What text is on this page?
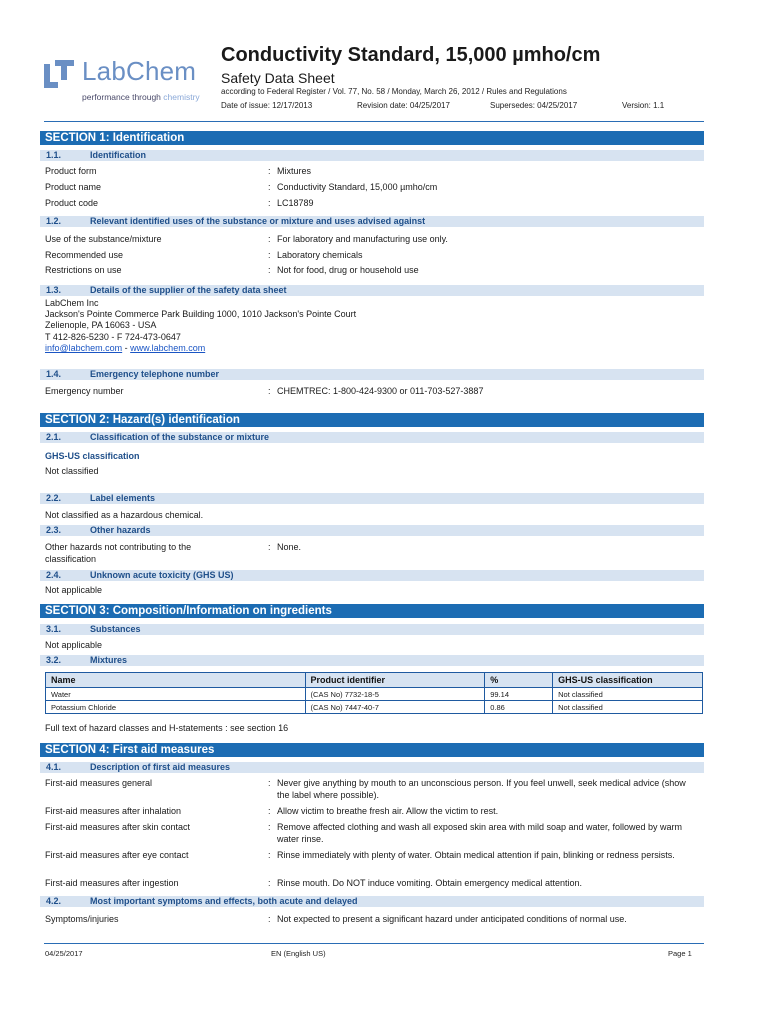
LabChem
performance through chemistry
Conductivity Standard, 15,000 µmho/cm
Safety Data Sheet
according to Federal Register / Vol. 77, No. 58 / Monday, March 26, 2012 / Rules and Regulations
Date of issue: 12/17/2013	Revision date: 04/25/2017	Supersedes: 04/25/2017	Version: 1.1
SECTION 1: Identification
1.1.	Identification
Product form	: Mixtures
Product name	: Conductivity Standard, 15,000 µmho/cm
Product code	: LC18789
1.2.	Relevant identified uses of the substance or mixture and uses advised against
Use of the substance/mixture	: For laboratory and manufacturing use only.
Recommended use	: Laboratory chemicals
Restrictions on use	: Not for food, drug or household use
1.3.	Details of the supplier of the safety data sheet
LabChem Inc
Jackson's Pointe Commerce Park Building 1000, 1010 Jackson's Pointe Court
Zelienople, PA 16063 - USA
T 412-826-5230 - F 724-473-0647
info@labchem.com - www.labchem.com
1.4.	Emergency telephone number
Emergency number	: CHEMTREC: 1-800-424-9300 or 011-703-527-3887
SECTION 2: Hazard(s) identification
2.1.	Classification of the substance or mixture
GHS-US classification
Not classified
2.2.	Label elements
Not classified as a hazardous chemical.
2.3.	Other hazards
Other hazards not contributing to the
classification
: None.
2.4.	Unknown acute toxicity (GHS US)
Not applicable
SECTION 3: Composition/Information on ingredients
3.1.	Substances
Not applicable
3.2.	Mixtures
Name	Product identifier	%	GHS-US classification
Water	(CAS No) 7732-18-5	99.14	Not classified
Potassium Chloride	(CAS No) 7447-40-7	0.86	Not classified
Full text of hazard classes and H-statements : see section 16
SECTION 4: First aid measures
4.1.	Description of first aid measures
First-aid measures general	: Never give anything by mouth to an unconscious person. If you feel unwell, seek medical advice (show the label where possible).
First-aid measures after inhalation	: Allow victim to breathe fresh air. Allow the victim to rest.
First-aid measures after skin contact	: Remove affected clothing and wash all exposed skin area with mild soap and water, followed by warm water rinse.
First-aid measures after eye contact	: Rinse immediately with plenty of water. Obtain medical attention if pain, blinking or redness persists.
First-aid measures after ingestion	: Rinse mouth. Do NOT induce vomiting. Obtain emergency medical attention.
4.2.	Most important symptoms and effects, both acute and delayed
Symptoms/injuries	: Not expected to present a significant hazard under anticipated conditions of normal use.
04/25/2017	EN (English US)	Page 1
